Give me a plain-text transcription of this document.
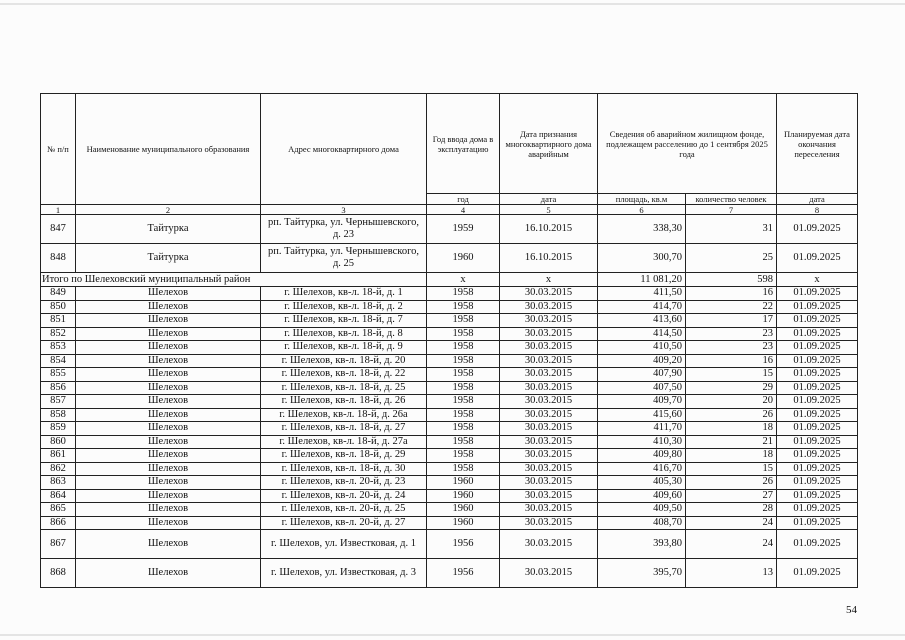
№ п/п	Наименование муниципального образования	Адрес многоквартирного дома	Год ввода дома в эксплуатацию	Дата признания многоквартирного дома аварийным	Сведения об аварийном жилищном фонде, подлежащем расселению до 1 сентября 2025 года		Планируемая дата окончания переселения
			год	дата	площадь, кв.м	количество человек	дата
1	2	3	4	5	6	7	8
847	Тайтурка	рп. Тайтурка, ул. Чернышевского, д. 23	1959	16.10.2015	338,30	31	01.09.2025
848	Тайтурка	рп. Тайтурка, ул. Чернышевского, д. 25	1960	16.10.2015	300,70	25	01.09.2025
Итого по Шелеховский муниципальный район			x	x	11 081,20	598	x
849	Шелехов	г. Шелехов, кв-л. 18-й, д. 1	1958	30.03.2015	411,50	16	01.09.2025
850	Шелехов	г. Шелехов, кв-л. 18-й, д. 2	1958	30.03.2015	414,70	22	01.09.2025
851	Шелехов	г. Шелехов, кв-л. 18-й, д. 7	1958	30.03.2015	413,60	17	01.09.2025
852	Шелехов	г. Шелехов, кв-л. 18-й, д. 8	1958	30.03.2015	414,50	23	01.09.2025
853	Шелехов	г. Шелехов, кв-л. 18-й, д. 9	1958	30.03.2015	410,50	23	01.09.2025
854	Шелехов	г. Шелехов, кв-л. 18-й, д. 20	1958	30.03.2015	409,20	16	01.09.2025
855	Шелехов	г. Шелехов, кв-л. 18-й, д. 22	1958	30.03.2015	407,90	15	01.09.2025
856	Шелехов	г. Шелехов, кв-л. 18-й, д. 25	1958	30.03.2015	407,50	29	01.09.2025
857	Шелехов	г. Шелехов, кв-л. 18-й, д. 26	1958	30.03.2015	409,70	20	01.09.2025
858	Шелехов	г. Шелехов, кв-л. 18-й, д. 26а	1958	30.03.2015	415,60	26	01.09.2025
859	Шелехов	г. Шелехов, кв-л. 18-й, д. 27	1958	30.03.2015	411,70	18	01.09.2025
860	Шелехов	г. Шелехов, кв-л. 18-й, д. 27а	1958	30.03.2015	410,30	21	01.09.2025
861	Шелехов	г. Шелехов, кв-л. 18-й, д. 29	1958	30.03.2015	409,80	18	01.09.2025
862	Шелехов	г. Шелехов, кв-л. 18-й, д. 30	1958	30.03.2015	416,70	15	01.09.2025
863	Шелехов	г. Шелехов, кв-л. 20-й, д. 23	1960	30.03.2015	405,30	26	01.09.2025
864	Шелехов	г. Шелехов, кв-л. 20-й, д. 24	1960	30.03.2015	409,60	27	01.09.2025
865	Шелехов	г. Шелехов, кв-л. 20-й, д. 25	1960	30.03.2015	409,50	28	01.09.2025
866	Шелехов	г. Шелехов, кв-л. 20-й, д. 27	1960	30.03.2015	408,70	24	01.09.2025
867	Шелехов	г. Шелехов, ул. Известковая, д. 1	1956	30.03.2015	393,80	24	01.09.2025
868	Шелехов	г. Шелехов, ул. Известковая, д. 3	1956	30.03.2015	395,70	13	01.09.2025
54
